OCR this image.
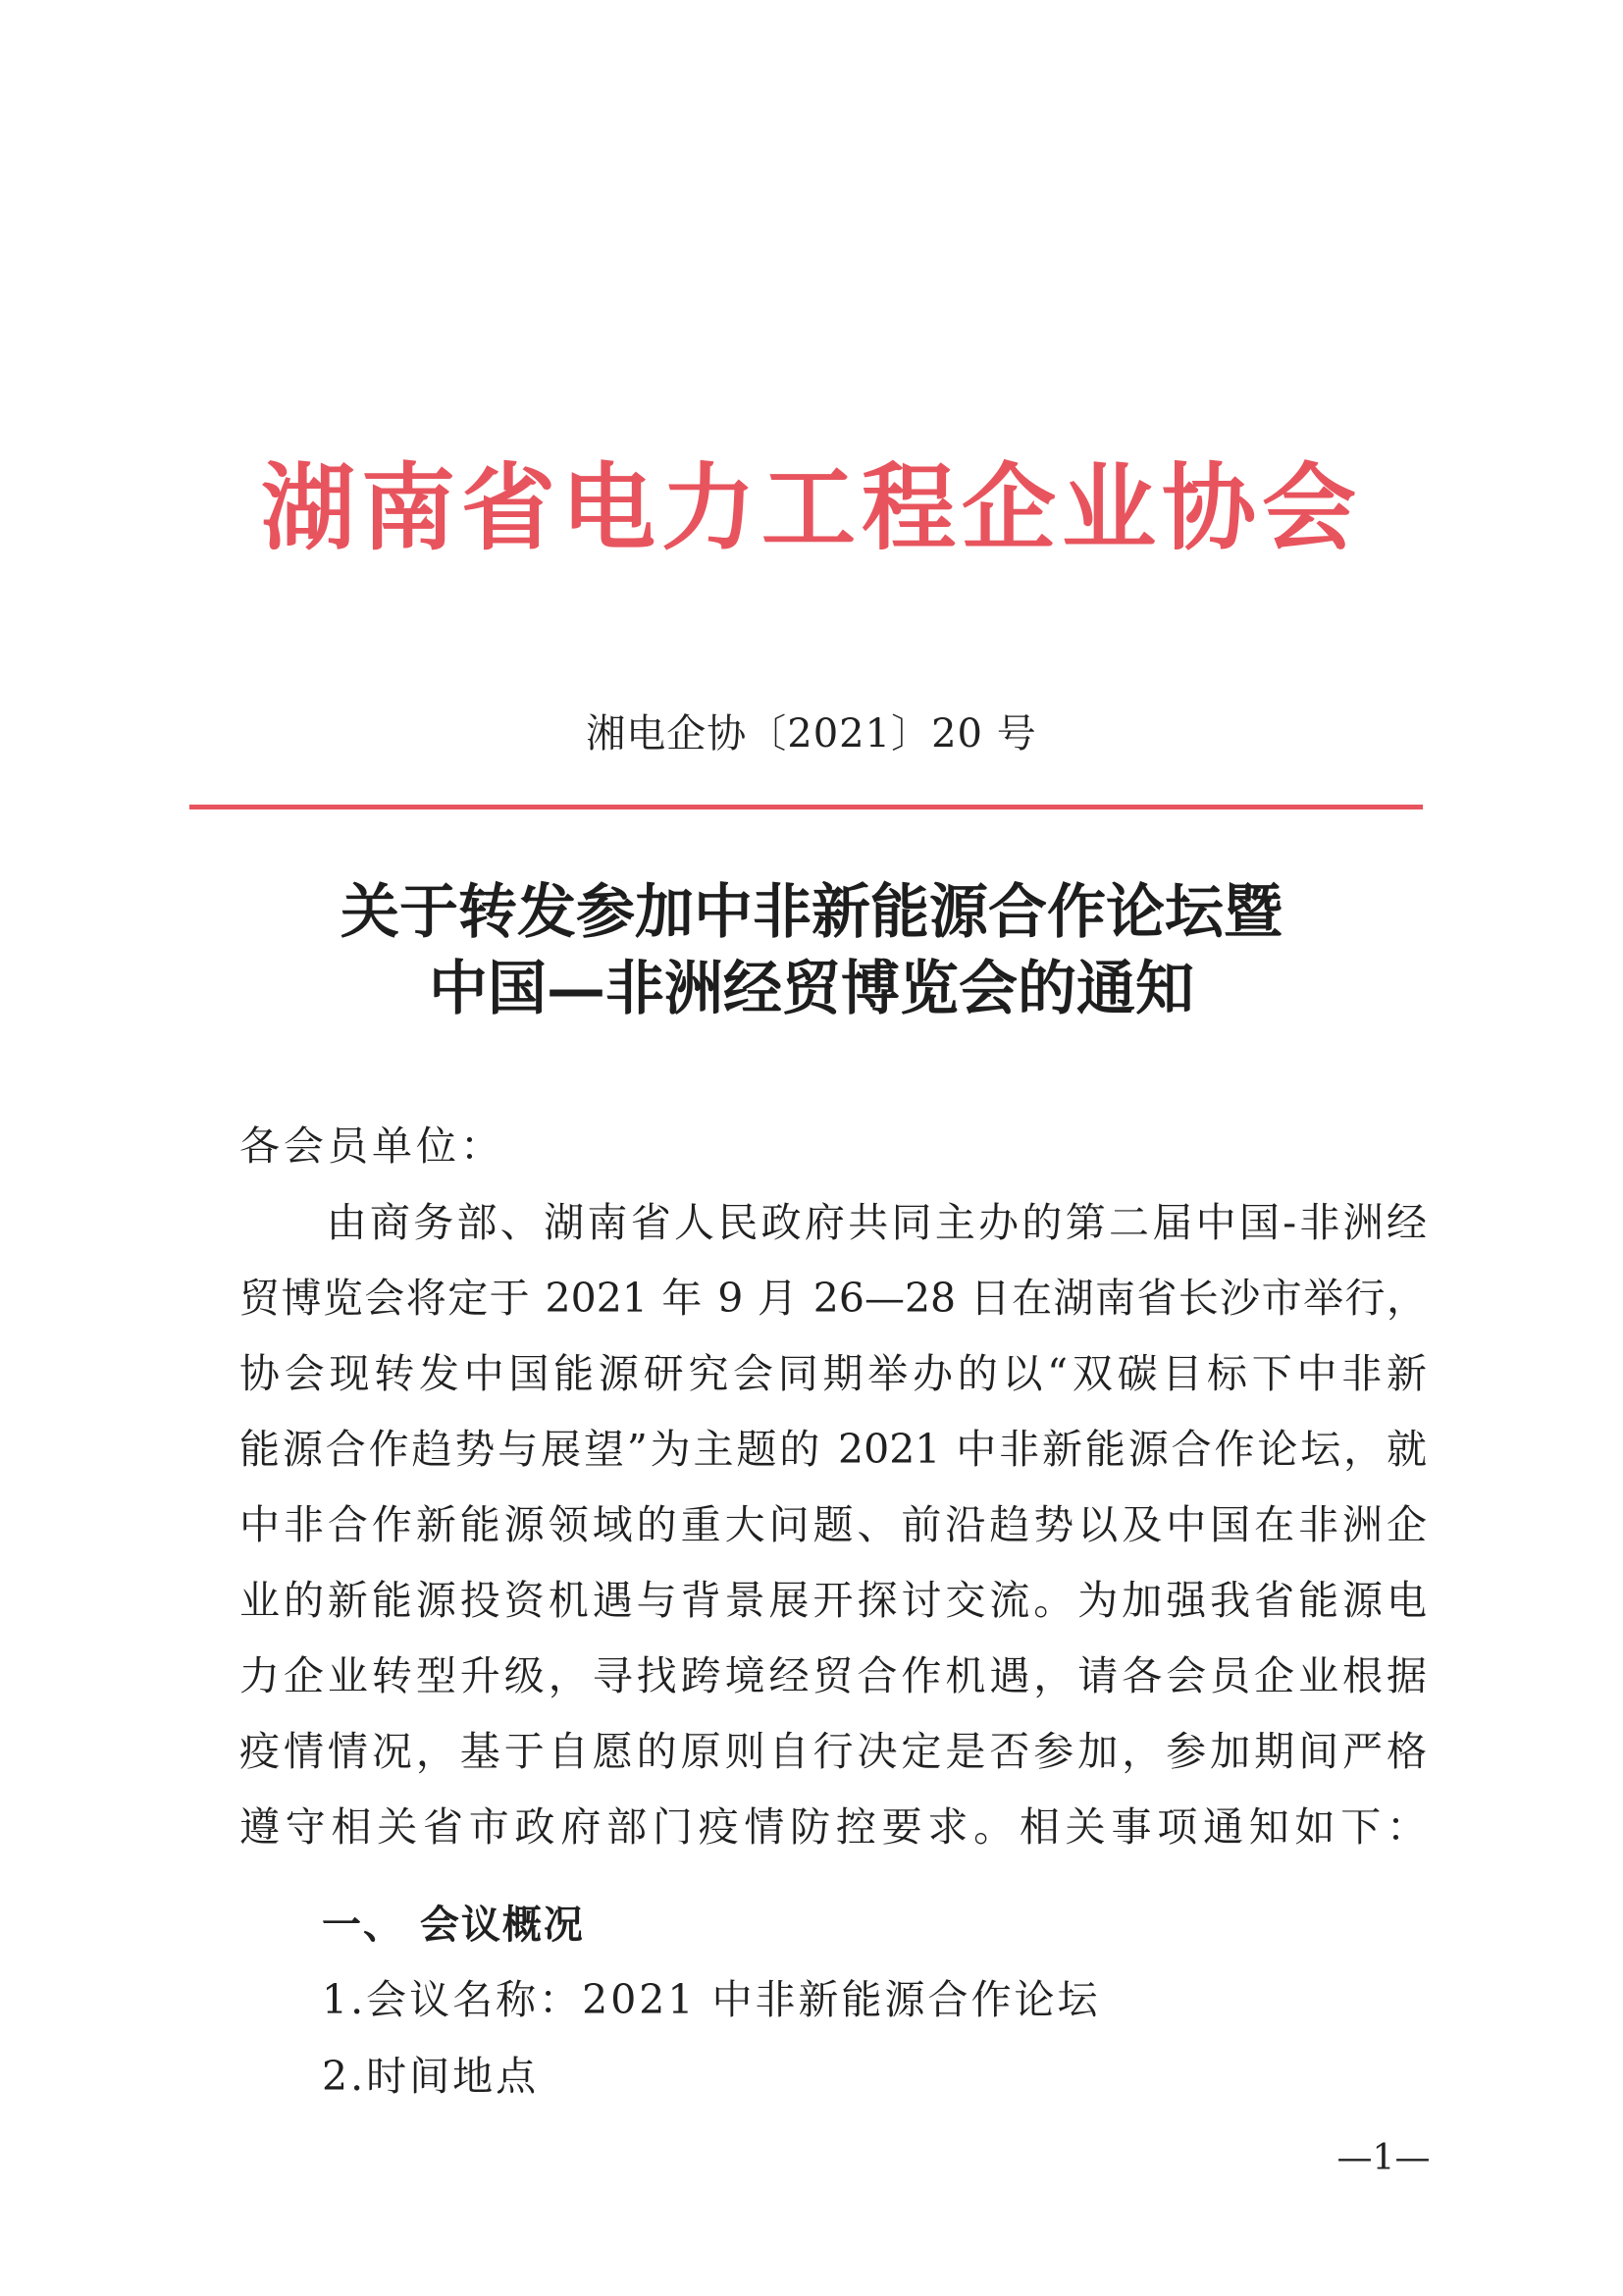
湖南省电力工程企业协会
湘电企协〔2021〕20 号
关于转发参加中非新能源合作论坛暨
中国—非洲经贸博览会的通知
各会员单位：
　　由商务部、湖南省人民政府共同主办的第二届中国-非洲经
贸博览会将定于 2021 年 9 月 26—28 日在湖南省长沙市举行，
协会现转发中国能源研究会同期举办的以“双碳目标下中非新
能源合作趋势与展望”为主题的 2021 中非新能源合作论坛，就
中非合作新能源领域的重大问题、前沿趋势以及中国在非洲企
业的新能源投资机遇与背景展开探讨交流。为加强我省能源电
力企业转型升级，寻找跨境经贸合作机遇，请各会员企业根据
疫情情况，基于自愿的原则自行决定是否参加，参加期间严格
遵守相关省市政府部门疫情防控要求。相关事项通知如下：
一、 会议概况
1.会议名称：2021 中非新能源合作论坛
2.时间地点
—1—
